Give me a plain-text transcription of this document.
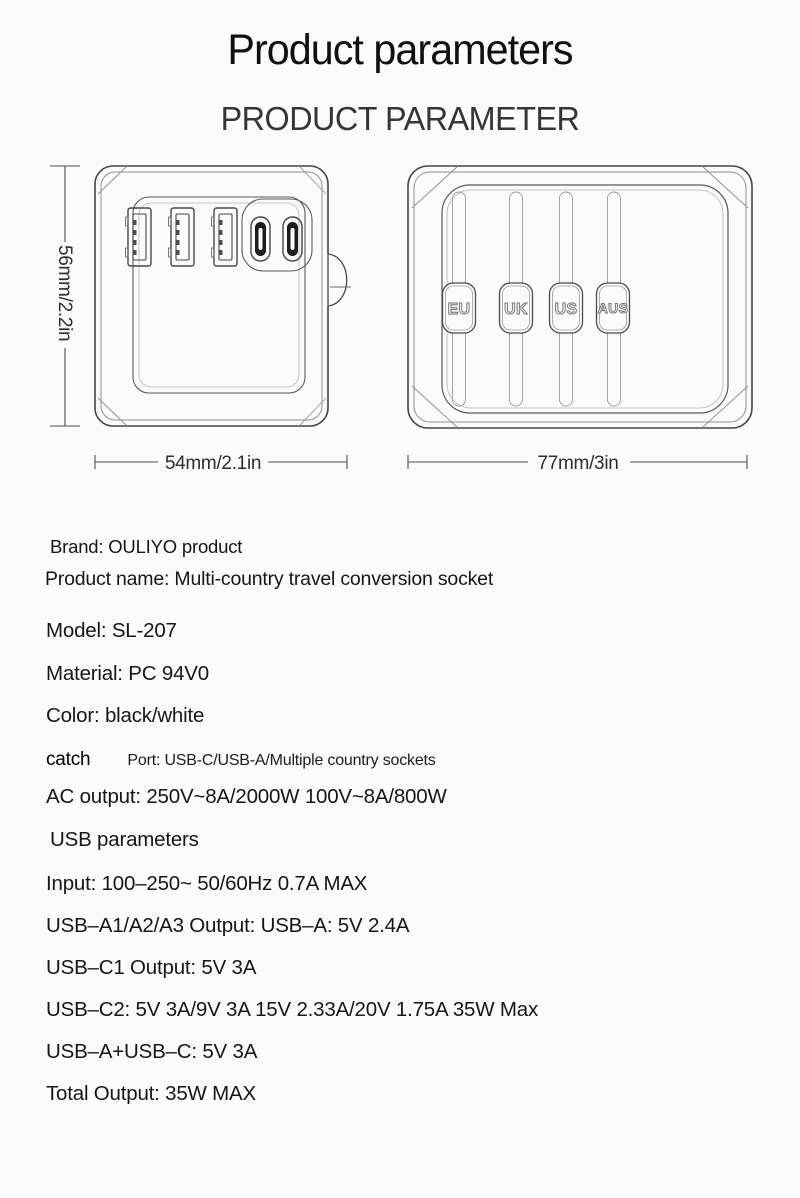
Product parameters
PRODUCT PARAMETER
56mm/2.2in
54mm/2.1in
EU UK US AUS
77mm/3in
Brand: OULIYO product
Product name: Multi-country travel conversion socket
Model: SL-207
Material: PC 94V0
Color: black/white
catch Port: USB-C/USB-A/Multiple country sockets
AC output: 250V~8A/2000W 100V~8A/800W
USB parameters
Input: 100–250~ 50/60Hz 0.7A MAX
USB–A1/A2/A3 Output: USB–A: 5V 2.4A
USB–C1 Output: 5V 3A
USB–C2: 5V 3A/9V 3A 15V 2.33A/20V 1.75A 35W Max
USB–A+USB–C: 5V 3A
Total Output: 35W MAX
